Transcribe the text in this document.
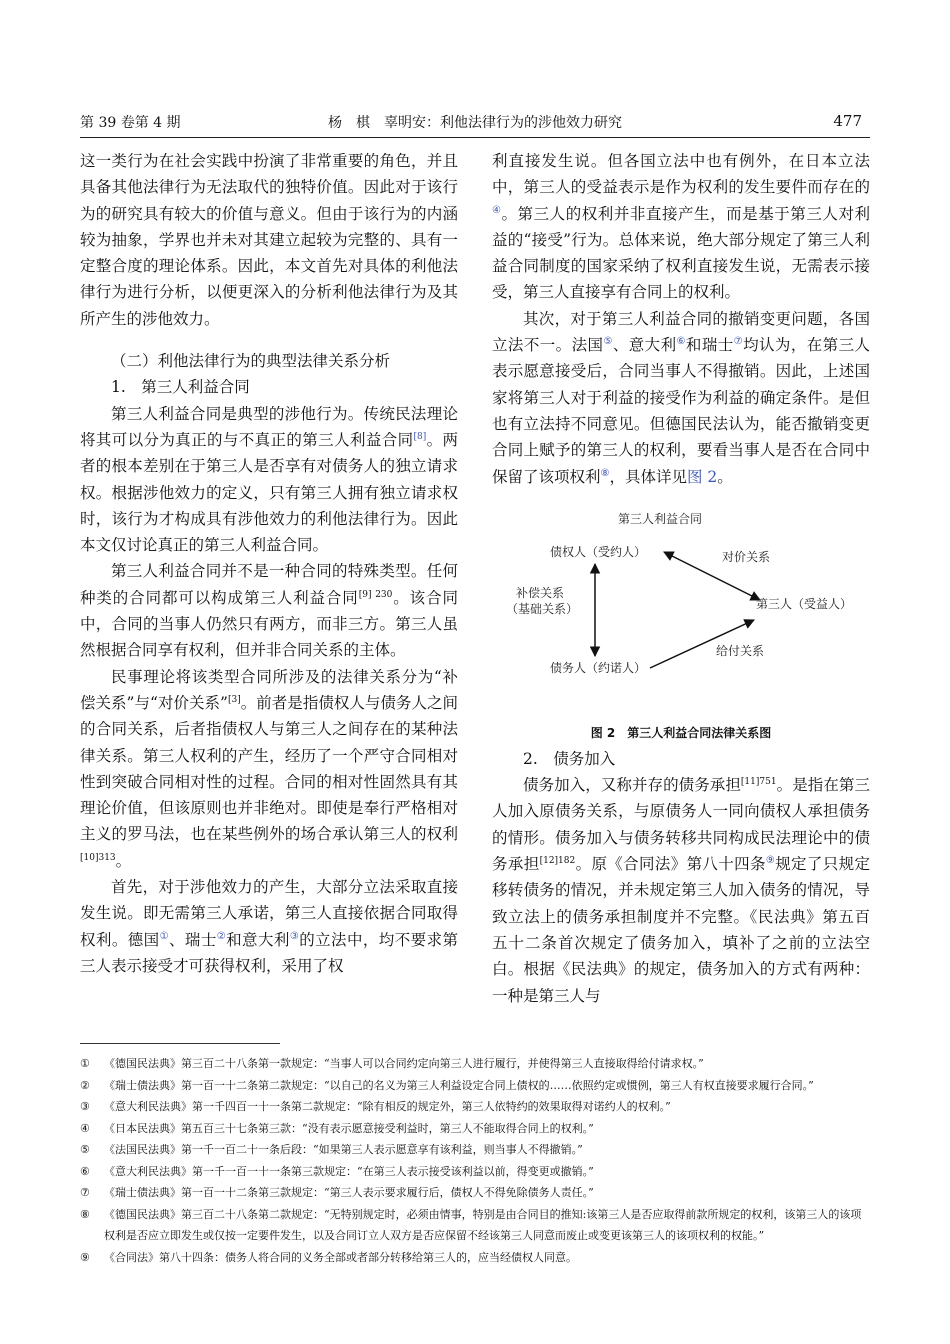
第 39 卷第 4 期	杨　棋　辜明安：利他法律行为的涉他效力研究	477

这一类行为在社会实践中扮演了非常重要的角色，并且具备其他法律行为无法取代的独特价值。因此对于该行为的研究具有较大的价值与意义。但由于该行为的内涵较为抽象，学界也并未对其建立起较为完整的、具有一定整合度的理论体系。因此，本文首先对具体的利他法律行为进行分析，以便更深入的分析利他法律行为及其所产生的涉他效力。

（二）利他法律行为的典型法律关系分析

1.　第三人利益合同

第三人利益合同是典型的涉他行为。传统民法理论将其可以分为真正的与不真正的第三人利益合同[8]。两者的根本差别在于第三人是否享有对债务人的独立请求权。根据涉他效力的定义，只有第三人拥有独立请求权时，该行为才构成具有涉他效力的利他法律行为。因此本文仅讨论真正的第三人利益合同。

第三人利益合同并不是一种合同的特殊类型。任何种类的合同都可以构成第三人利益合同$^{[9] 230}$。该合同中，合同的当事人仍然只有两方，而非三方。第三人虽然根据合同享有权利，但并非合同关系的主体。

民事理论将该类型合同所涉及的法律关系分为“补偿关系”与“对价关系”[3]。前者是指债权人与债务人之间的合同关系，后者指债权人与第三人之间存在的某种法律关系。第三人权利的产生，经历了一个严守合同相对性到突破合同相对性的过程。合同的相对性固然具有其理论价值，但该原则也并非绝对。即使是奉行严格相对主义的罗马法，也在某些例外的场合承认第三人的权利$^{[10]313}$。

首先，对于涉他效力的产生，大部分立法采取直接发生说。即无需第三人承诺，第三人直接依据合同取得权利。德国①、瑞士②和意大利③的立法中，均不要求第三人表示接受才可获得权利，采用了权

利直接发生说。但各国立法中也有例外，在日本立法中，第三人的受益表示是作为权利的发生要件而存在的④。第三人的权利并非直接产生，而是基于第三人对利益的“接受”行为。总体来说，绝大部分规定了第三人利益合同制度的国家采纳了权利直接发生说，无需表示接受，第三人直接享有合同上的权利。

其次，对于第三人利益合同的撤销变更问题，各国立法不一。法国⑤、意大利⑥和瑞士⑦均认为，在第三人表示愿意接受后，合同当事人不得撤销。因此，上述国家将第三人对于利益的接受作为利益的确定条件。是但也有立法持不同意见。但德国民法认为，能否撤销变更合同上赋予的第三人的权利，要看当事人是否在合同中保留了该项权利⑧，具体详见图 2。

第三人利益合同
债权人（受约人）
债务人（约诺人）
第三人（受益人）
补偿关系
（基础关系）
对价关系
给付关系
图 2　第三人利益合同法律关系图

2.　债务加入

债务加入，又称并存的债务承担$^{[11]751}$。是指在第三人加入原债务关系，与原债务人一同向债权人承担债务的情形。债务加入与债务转移共同构成民法理论中的债务承担$^{[12]182}$。原《合同法》第八十四条⑨规定了只规定移转债务的情况，并未规定第三人加入债务的情况，导致立法上的债务承担制度并不完整。《民法典》第五百五十二条首次规定了债务加入，填补了之前的立法空白。根据《民法典》的规定，债务加入的方式有两种：一种是第三人与

① 《德国民法典》第三百二十八条第一款规定：“当事人可以合同约定向第三人进行履行，并使得第三人直接取得给付请求权。”
② 《瑞士债法典》第一百一十二条第二款规定：“以自己的名义为第三人利益设定合同上债权的……依照约定或惯例，第三人有权直接要求履行合同。”
③ 《意大利民法典》第一千四百一十一条第二款规定：“除有相反的规定外，第三人依特约的效果取得对诺约人的权利。”
④ 《日本民法典》第五百三十七条第三款：“没有表示愿意接受利益时，第三人不能取得合同上的权利。”
⑤ 《法国民法典》第一千一百二十一条后段：“如果第三人表示愿意享有该利益，则当事人不得撤销。”
⑥ 《意大利民法典》第一千一百一十一条第三款规定：“在第三人表示接受该利益以前，得变更或撤销。”
⑦ 《瑞士债法典》第一百一十二条第三款规定：“第三人表示要求履行后，债权人不得免除债务人责任。”
⑧ 《德国民法典》第三百二十八条第二款规定：“无特别规定时，必须由情事，特别是由合同目的推知:该第三人是否应取得前款所规定的权利，该第三人的该项权利是否应立即发生或仅按一定要件发生，以及合同订立人双方是否应保留不经该第三人同意而废止或变更该第三人的该项权利的权能。”
⑨ 《合同法》第八十四条：债务人将合同的义务全部或者部分转移给第三人的，应当经债权人同意。
